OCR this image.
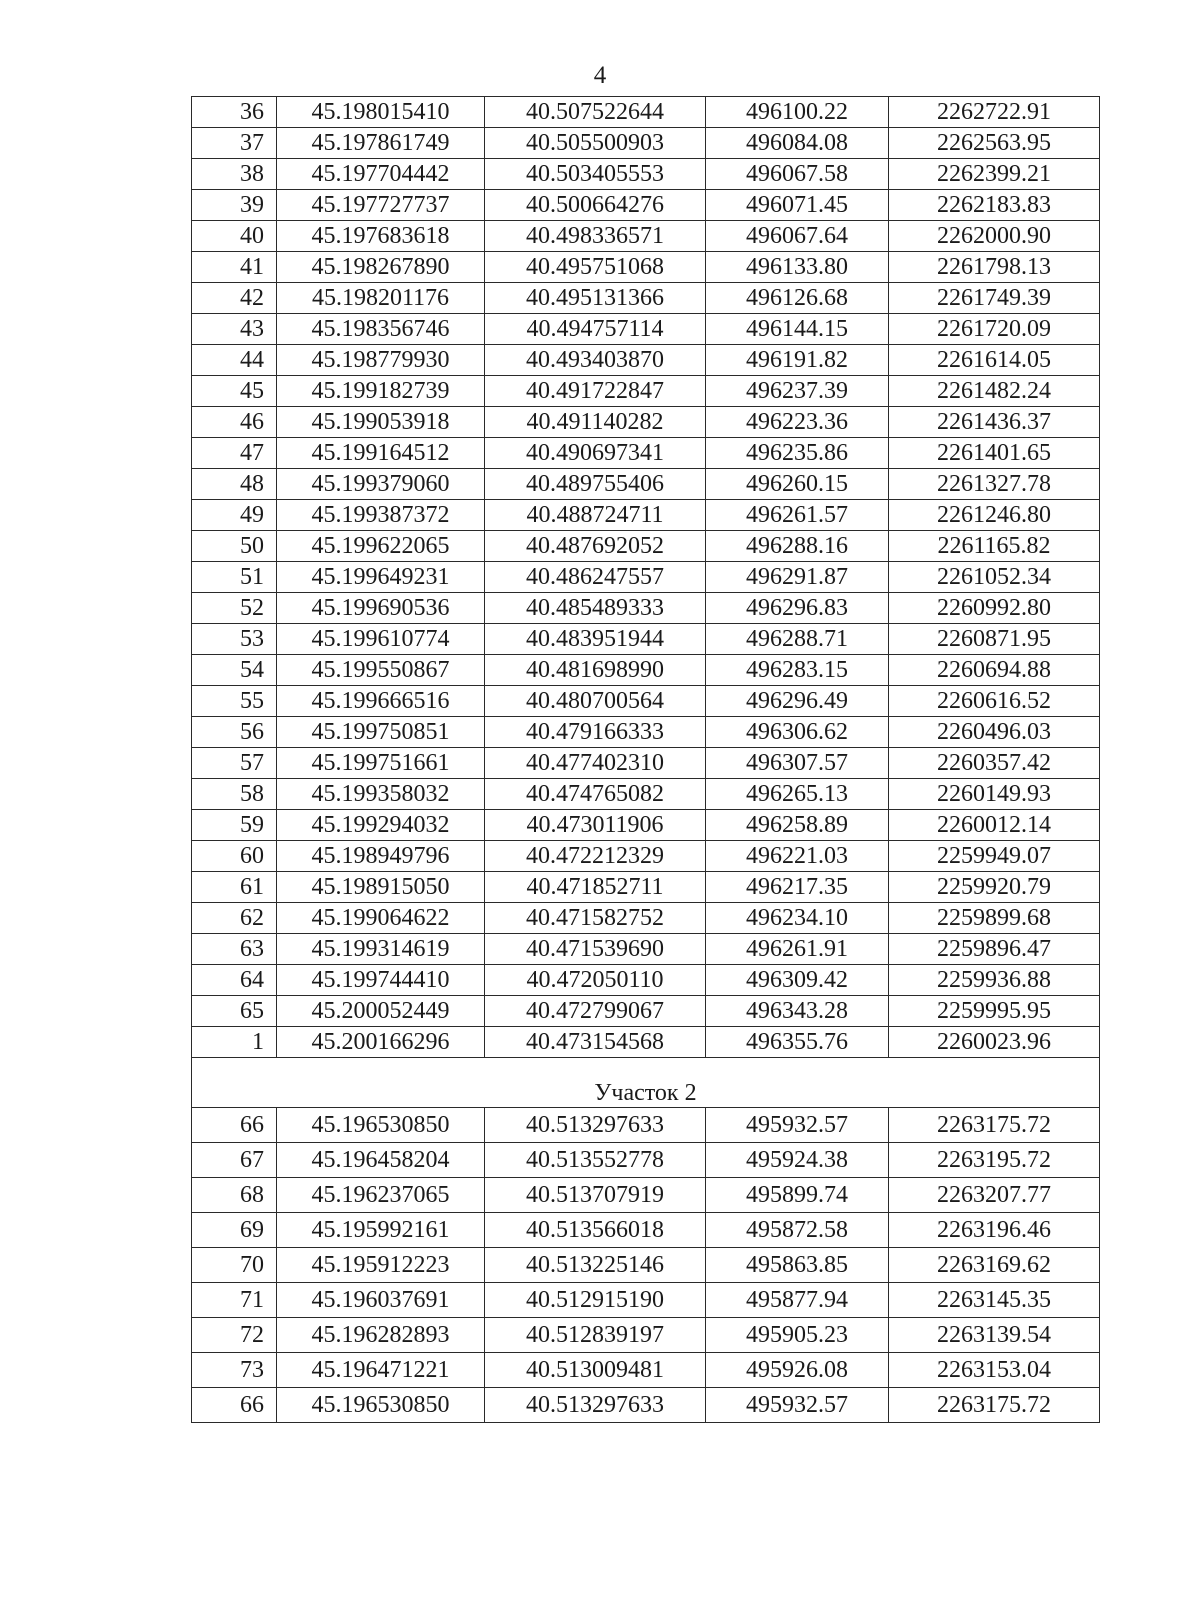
4
36	45.198015410	40.507522644	496100.22	2262722.91
37	45.197861749	40.505500903	496084.08	2262563.95
38	45.197704442	40.503405553	496067.58	2262399.21
39	45.197727737	40.500664276	496071.45	2262183.83
40	45.197683618	40.498336571	496067.64	2262000.90
41	45.198267890	40.495751068	496133.80	2261798.13
42	45.198201176	40.495131366	496126.68	2261749.39
43	45.198356746	40.494757114	496144.15	2261720.09
44	45.198779930	40.493403870	496191.82	2261614.05
45	45.199182739	40.491722847	496237.39	2261482.24
46	45.199053918	40.491140282	496223.36	2261436.37
47	45.199164512	40.490697341	496235.86	2261401.65
48	45.199379060	40.489755406	496260.15	2261327.78
49	45.199387372	40.488724711	496261.57	2261246.80
50	45.199622065	40.487692052	496288.16	2261165.82
51	45.199649231	40.486247557	496291.87	2261052.34
52	45.199690536	40.485489333	496296.83	2260992.80
53	45.199610774	40.483951944	496288.71	2260871.95
54	45.199550867	40.481698990	496283.15	2260694.88
55	45.199666516	40.480700564	496296.49	2260616.52
56	45.199750851	40.479166333	496306.62	2260496.03
57	45.199751661	40.477402310	496307.57	2260357.42
58	45.199358032	40.474765082	496265.13	2260149.93
59	45.199294032	40.473011906	496258.89	2260012.14
60	45.198949796	40.472212329	496221.03	2259949.07
61	45.198915050	40.471852711	496217.35	2259920.79
62	45.199064622	40.471582752	496234.10	2259899.68
63	45.199314619	40.471539690	496261.91	2259896.47
64	45.199744410	40.472050110	496309.42	2259936.88
65	45.200052449	40.472799067	496343.28	2259995.95
1	45.200166296	40.473154568	496355.76	2260023.96
Участок 2				
66	45.196530850	40.513297633	495932.57	2263175.72
67	45.196458204	40.513552778	495924.38	2263195.72
68	45.196237065	40.513707919	495899.74	2263207.77
69	45.195992161	40.513566018	495872.58	2263196.46
70	45.195912223	40.513225146	495863.85	2263169.62
71	45.196037691	40.512915190	495877.94	2263145.35
72	45.196282893	40.512839197	495905.23	2263139.54
73	45.196471221	40.513009481	495926.08	2263153.04
66	45.196530850	40.513297633	495932.57	2263175.72
